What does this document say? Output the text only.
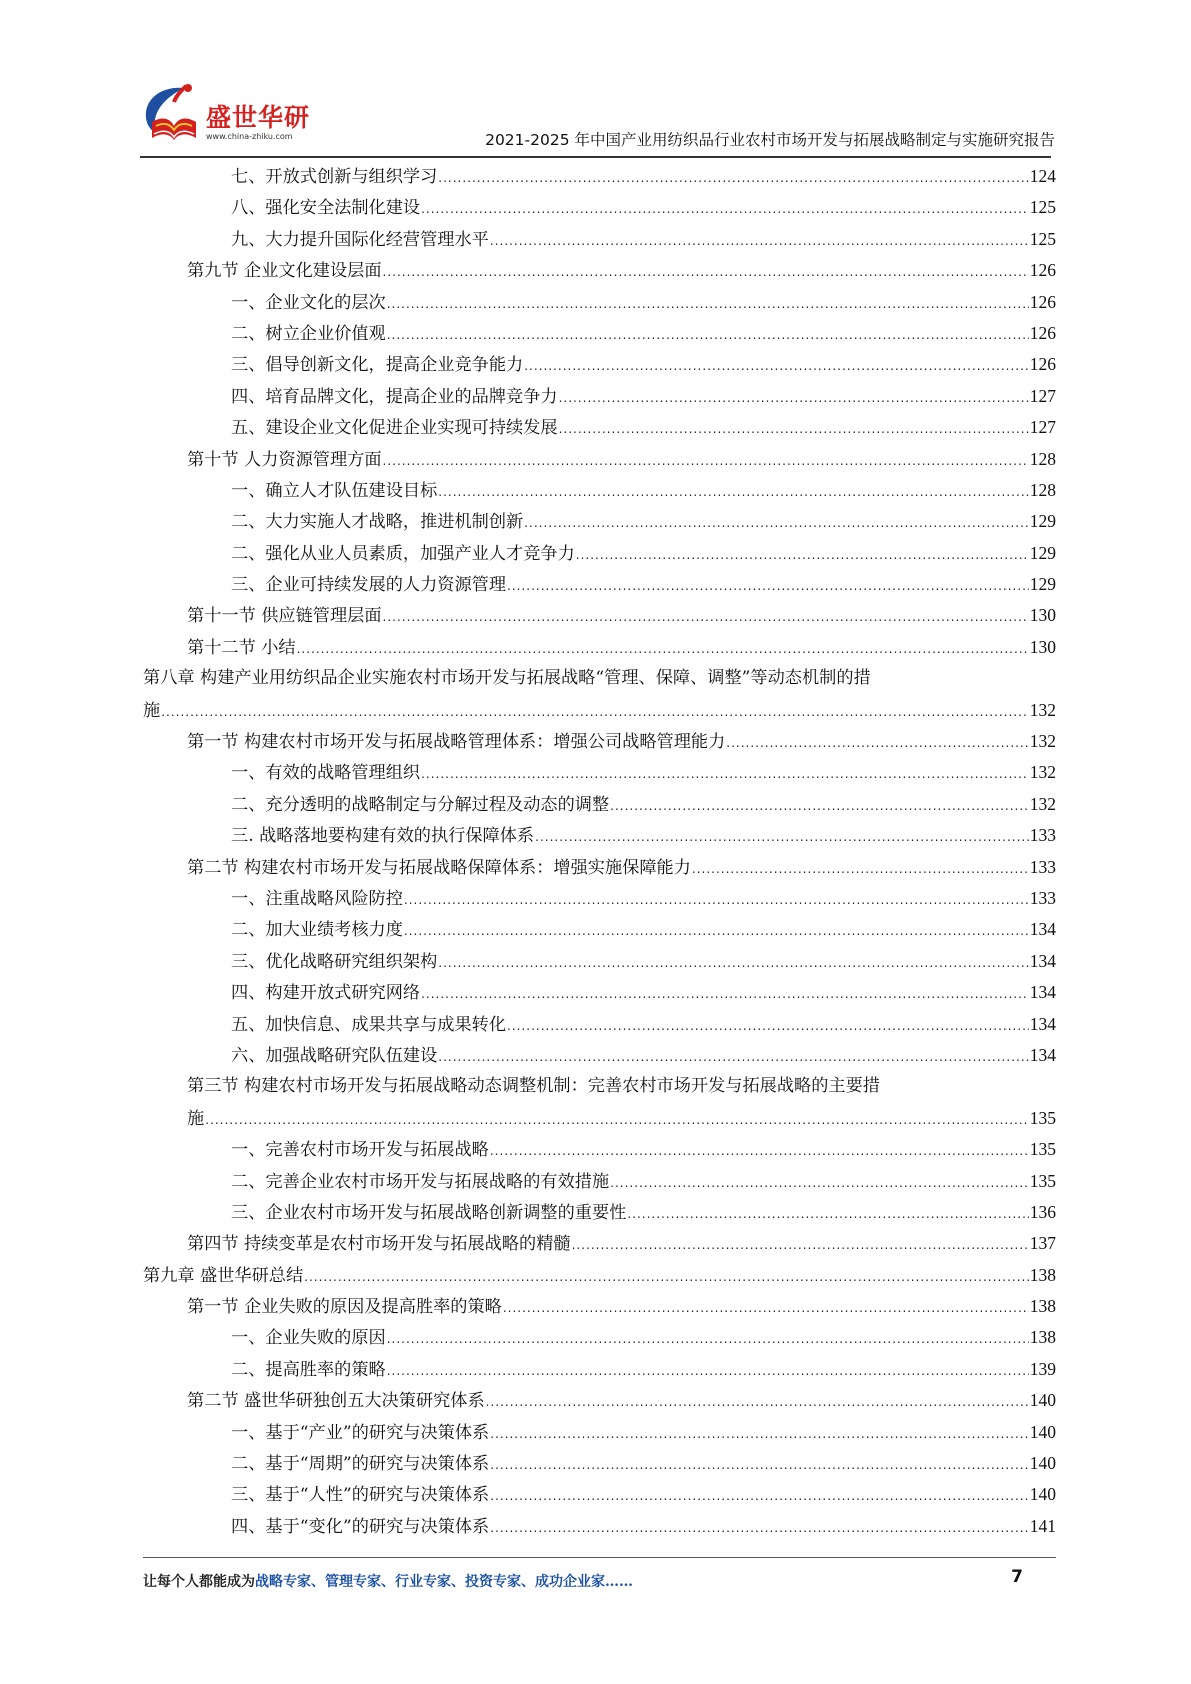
盛世华研
www.china-zhiku.com	2021-2025 年中国产业用纺织品行业农村市场开发与拓展战略制定与实施研究报告
七、开放式创新与组织学习 .....	124
八、强化安全法制化建设 .....	125
九、大力提升国际化经营管理水平 .....	125
第九节 企业文化建设层面 .....	126
一、企业文化的层次 .....	126
二、树立企业价值观 .....	126
三、倡导创新文化，提高企业竞争能力 .....	126
四、培育品牌文化，提高企业的品牌竞争力 .....	127
五、建设企业文化促进企业实现可持续发展 .....	127
第十节 人力资源管理方面 .....	128
一、确立人才队伍建设目标 .....	128
二、大力实施人才战略，推进机制创新 .....	129
二、强化从业人员素质，加强产业人才竞争力 .....	129
三、企业可持续发展的人力资源管理 .....	129
第十一节 供应链管理层面 .....	130
第十二节 小结 .....	130
第八章 构建产业用纺织品企业实施农村市场开发与拓展战略“管理、保障、调整”等动态机制的措
施 .....	132
第一节 构建农村市场开发与拓展战略管理体系：增强公司战略管理能力 .....	132
一、有效的战略管理组织 .....	132
二、充分透明的战略制定与分解过程及动态的调整 .....	132
三. 战略落地要构建有效的执行保障体系 .....	133
第二节 构建农村市场开发与拓展战略保障体系：增强实施保障能力 .....	133
一、注重战略风险防控 .....	133
二、加大业绩考核力度 .....	134
三、优化战略研究组织架构 .....	134
四、构建开放式研究网络 .....	134
五、加快信息、成果共享与成果转化 .....	134
六、加强战略研究队伍建设 .....	134
第三节 构建农村市场开发与拓展战略动态调整机制：完善农村市场开发与拓展战略的主要措
施 .....	135
一、完善农村市场开发与拓展战略 .....	135
二、完善企业农村市场开发与拓展战略的有效措施 .....	135
三、企业农村市场开发与拓展战略创新调整的重要性 .....	136
第四节 持续变革是农村市场开发与拓展战略的精髓 .....	137
第九章 盛世华研总结 .....	138
第一节 企业失败的原因及提高胜率的策略 .....	138
一、企业失败的原因 .....	138
二、提高胜率的策略 .....	139
第二节 盛世华研独创五大决策研究体系 .....	140
一、基于“产业”的研究与决策体系 .....	140
二、基于“周期”的研究与决策体系 .....	140
三、基于“人性”的研究与决策体系 .....	140
四、基于“变化”的研究与决策体系 .....	141
让每个人都能成为战略专家、管理专家、行业专家、投资专家、成功企业家……	7
